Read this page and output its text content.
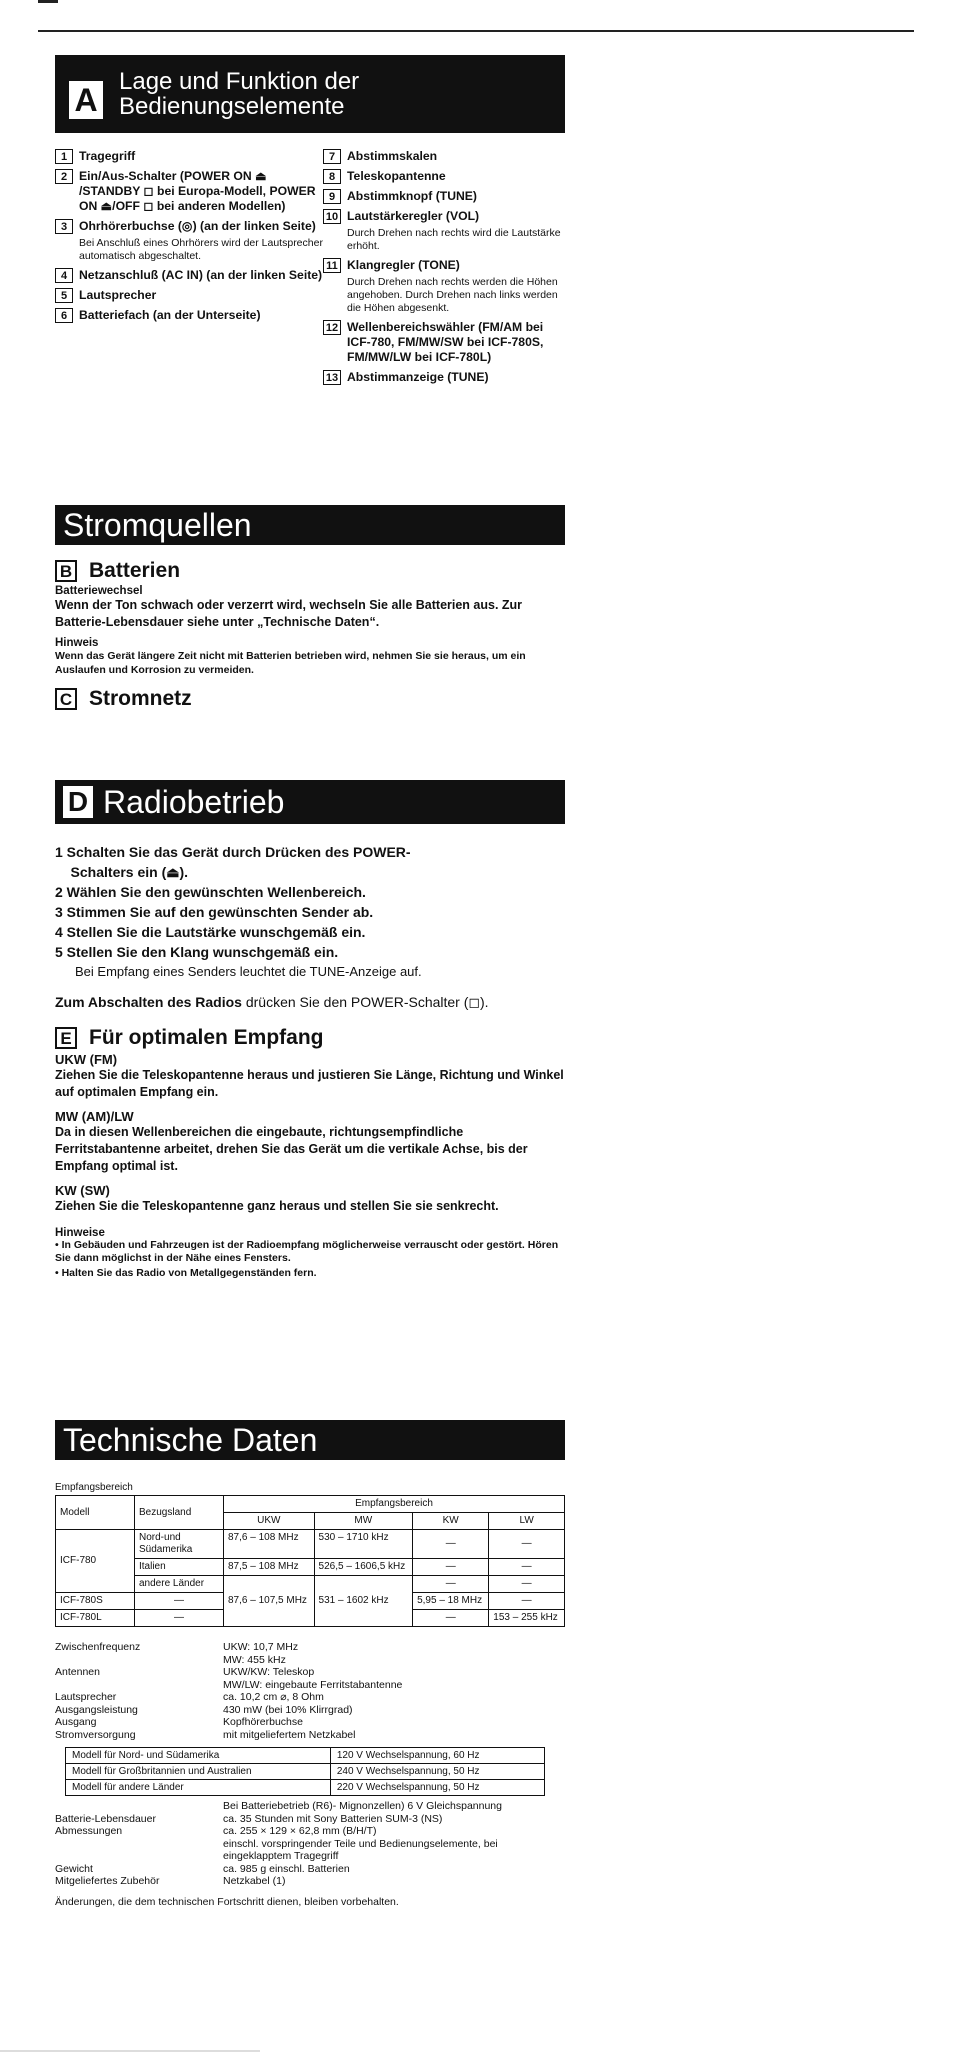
A Lage und Funktion der
Bedienungselemente
1 Tragegriff
2 Ein/Aus-Schalter (POWER ON ⏏ /STANDBY ◻ bei Europa-Modell, POWER ON ⏏/OFF ◻ bei anderen Modellen)
3 Ohrhörerbuchse (◎) (an der linken Seite)
Bei Anschluß eines Ohrhörers wird der Lautsprecher automatisch abgeschaltet.
4 Netzanschluß (AC IN) (an der linken Seite)
5 Lautsprecher
6 Batteriefach (an der Unterseite)
7 Abstimmskalen
8 Teleskopantenne
9 Abstimmknopf (TUNE)
10 Lautstärkeregler (VOL)
Durch Drehen nach rechts wird die Lautstärke erhöht.
11 Klangregler (TONE)
Durch Drehen nach rechts werden die Höhen angehoben. Durch Drehen nach links werden die Höhen abgesenkt.
12 Wellenbereichswähler (FM/AM bei ICF-780, FM/MW/SW bei ICF-780S, FM/MW/LW bei ICF-780L)
13 Abstimmanzeige (TUNE)
Stromquellen
B Batterien
Batteriewechsel
Wenn der Ton schwach oder verzerrt wird, wechseln Sie alle Batterien aus. Zur Batterie-Lebensdauer siehe unter „Technische Daten“.
Hinweis
Wenn das Gerät längere Zeit nicht mit Batterien betrieben wird, nehmen Sie sie heraus, um ein Auslaufen und Korrosion zu vermeiden.
C Stromnetz
D Radiobetrieb
1 Schalten Sie das Gerät durch Drücken des POWER-
Schalters ein (⏏).
2 Wählen Sie den gewünschten Wellenbereich.
3 Stimmen Sie auf den gewünschten Sender ab.
4 Stellen Sie die Lautstärke wunschgemäß ein.
5 Stellen Sie den Klang wunschgemäß ein.
Bei Empfang eines Senders leuchtet die TUNE-Anzeige auf.
Zum Abschalten des Radios drücken Sie den POWER-Schalter (◻).
E Für optimalen Empfang
UKW (FM)
Ziehen Sie die Teleskopantenne heraus und justieren Sie Länge, Richtung und Winkel auf optimalen Empfang ein.
MW (AM)/LW
Da in diesen Wellenbereichen die eingebaute, richtungsempfindliche Ferritstabantenne arbeitet, drehen Sie das Gerät um die vertikale Achse, bis der Empfang optimal ist.
KW (SW)
Ziehen Sie die Teleskopantenne ganz heraus und stellen Sie sie senkrecht.
Hinweise
• In Gebäuden und Fahrzeugen ist der Radioempfang möglicherweise verrauscht oder gestört. Hören Sie dann möglichst in der Nähe eines Fensters.
• Halten Sie das Radio von Metallgegenständen fern.
Technische Daten
Empfangsbereich
Modell	Bezugsland	Empfangsbereich			
		UKW	MW	KW	LW
ICF-780	Nord-und Südamerika	87,6 – 108 MHz	530 – 1710 kHz	—	—
	Italien	87,5 – 108 MHz	526,5 – 1606,5 kHz	—	—
	andere Länder	87,6 – 107,5 MHz	531 – 1602 kHz	—	—
ICF-780S	—			5,95 – 18 MHz	—
ICF-780L	—			—	153 – 255 kHz
Zwischenfrequenz	UKW: 10,7 MHz
MW: 455 kHz
Antennen	UKW/KW: Teleskop
MW/LW: eingebaute Ferritstabantenne
Lautsprecher	ca. 10,2 cm ⌀, 8 Ohm
Ausgangsleistung	430 mW (bei 10% Klirrgrad)
Ausgang	Kopfhörerbuchse
Stromversorgung	mit mitgeliefertem Netzkabel
Modell für Nord- und Südamerika	120 V Wechselspannung, 60 Hz
Modell für Großbritannien und Australien	240 V Wechselspannung, 50 Hz
Modell für andere Länder	220 V Wechselspannung, 50 Hz
Bei Batteriebetrieb (R6)- Mignonzellen) 6 V Gleichspannung
Batterie-Lebensdauer	ca. 35 Stunden mit Sony Batterien SUM-3 (NS)
Abmessungen	ca. 255 × 129 × 62,8 mm (B/H/T)
einschl. vorspringender Teile und Bedienungselemente, bei eingeklapptem Tragegriff
Gewicht	ca. 985 g einschl. Batterien
Mitgeliefertes Zubehör	Netzkabel (1)
Änderungen, die dem technischen Fortschritt dienen, bleiben vorbehalten.
